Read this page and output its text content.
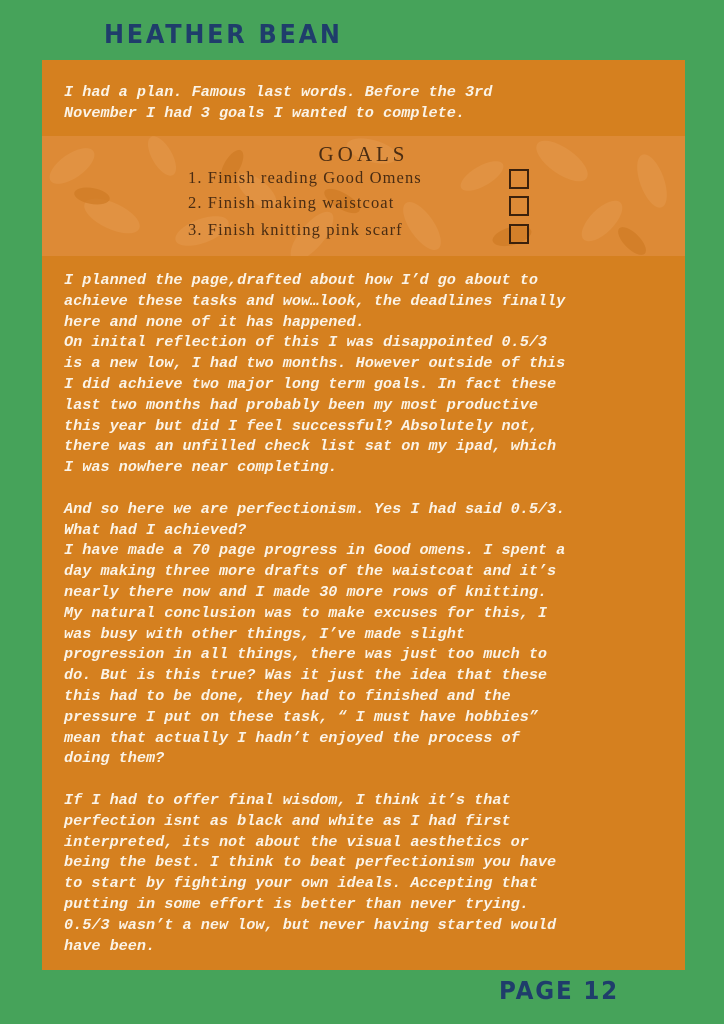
HEATHER BEAN

I had a plan. Famous last words. Before the 3rd
November I had 3 goals I wanted to complete.

GOALS
1. Finish reading Good Omens
2. Finish making waistcoat
3. Finish knitting pink scarf
I planned the page,drafted about how I’d go about to
achieve these tasks and wow…look, the deadlines finally
here and none of it has happened.
On inital reflection of this I was disappointed 0.5/3
is a new low, I had two months. However outside of this
I did achieve two major long term goals. In fact these
last two months had probably been my most productive
this year but did I feel successful? Absolutely not,
there was an unfilled check list sat on my ipad, which
I was nowhere near completing.

And so here we are perfectionism. Yes I had said 0.5/3.
What had I achieved?
I have made a 70 page progress in Good omens. I spent a
day making three more drafts of the waistcoat and it’s
nearly there now and I made 30 more rows of knitting.
My natural conclusion was to make excuses for this, I
was busy with other things, I’ve made slight
progression in all things, there was just too much to
do. But is this true? Was it just the idea that these
this had to be done, they had to finished and the
pressure I put on these task, “ I must have hobbies”
mean that actually I hadn’t enjoyed the process of
doing them?

If I had to offer final wisdom, I think it’s that
perfection isnt as black and white as I had first
interpreted, its not about the visual aesthetics or
being the best. I think to beat perfectionism you have
to start by fighting your own ideals. Accepting that
putting in some effort is better than never trying.
0.5/3 wasn’t a new low, but never having started would
have been.
PAGE 12
